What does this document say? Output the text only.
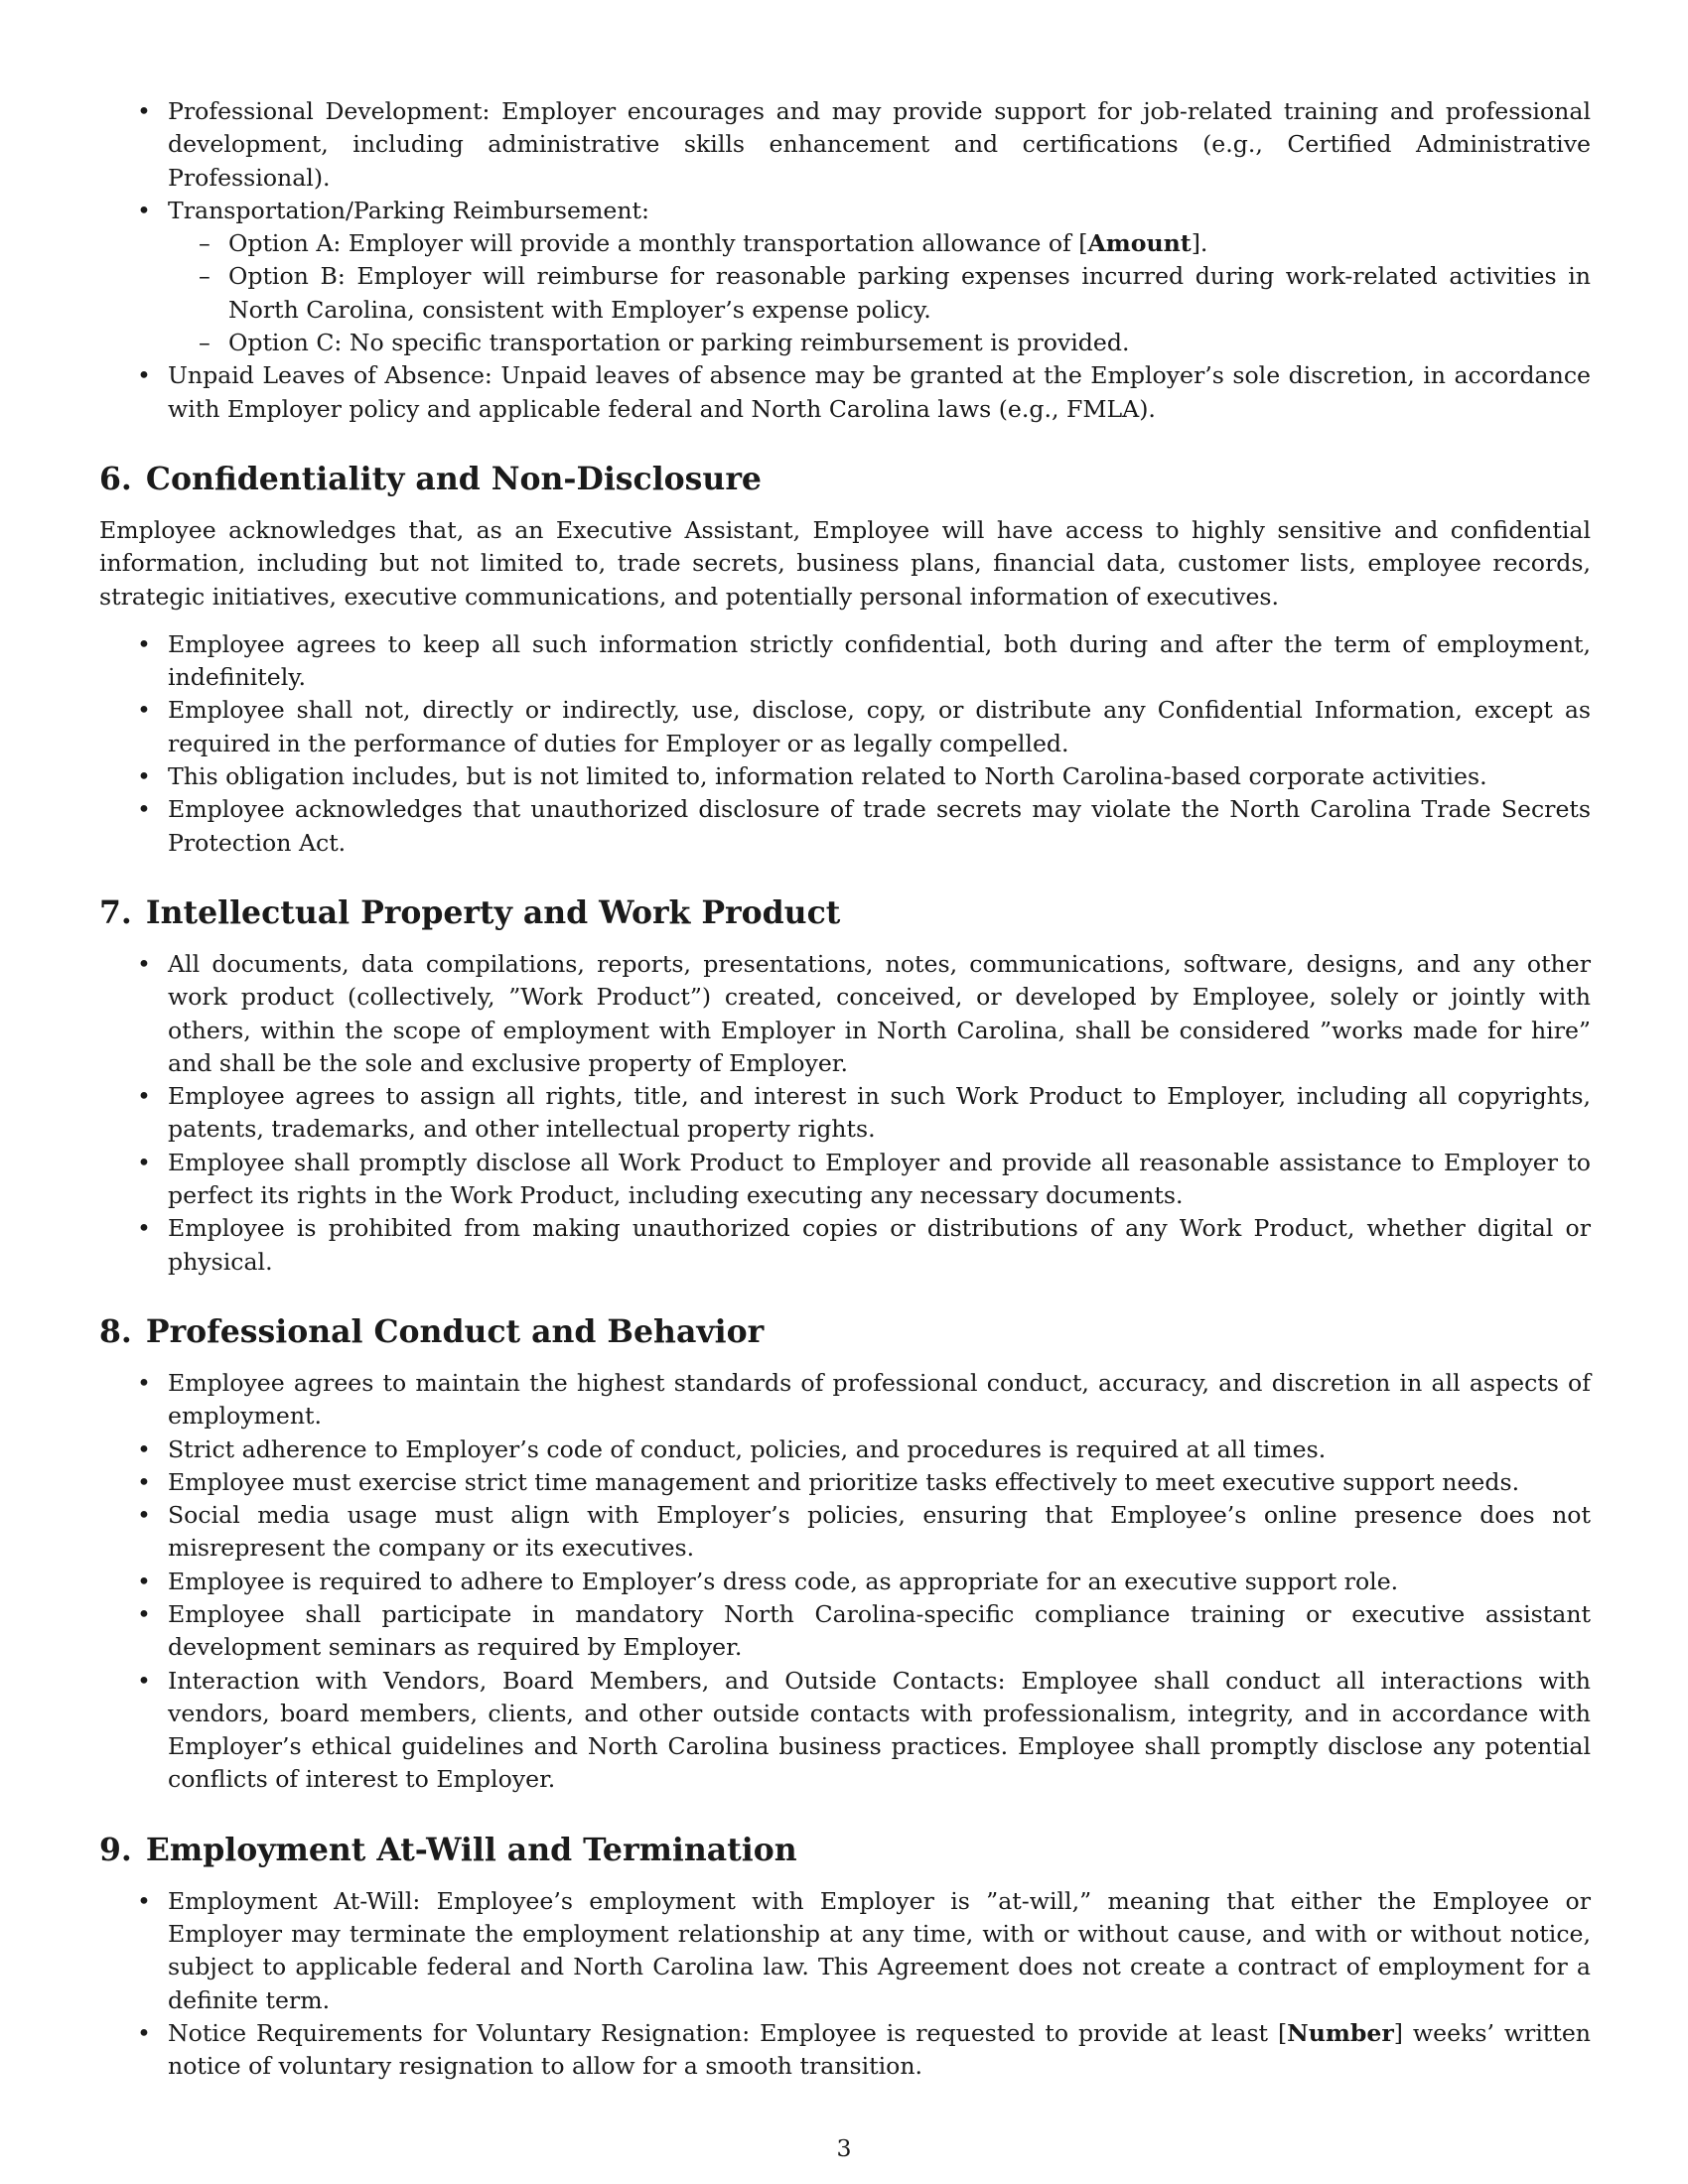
• Professional Development: Employer encourages and may provide support for job-related training and professional development, including administrative skills enhancement and certifications (e.g., Certified Administrative Professional).
• Transportation/Parking Reimbursement:
– Option A: Employer will provide a monthly transportation allowance of [Amount].
– Option B: Employer will reimburse for reasonable parking expenses incurred during work-related activities in North Carolina, consistent with Employer’s expense policy.
– Option C: No specific transportation or parking reimbursement is provided.
• Unpaid Leaves of Absence: Unpaid leaves of absence may be granted at the Employer’s sole discretion, in accordance with Employer policy and applicable federal and North Carolina laws (e.g., FMLA).
6. Confidentiality and Non-Disclosure

Employee acknowledges that, as an Executive Assistant, Employee will have access to highly sensitive and confidential information, including but not limited to, trade secrets, business plans, financial data, customer lists, employee records, strategic initiatives, executive communications, and potentially personal information of executives.

• Employee agrees to keep all such information strictly confidential, both during and after the term of employment, indefinitely.
• Employee shall not, directly or indirectly, use, disclose, copy, or distribute any Confidential Information, except as required in the performance of duties for Employer or as legally compelled.
• This obligation includes, but is not limited to, information related to North Carolina-based corporate activities.
• Employee acknowledges that unauthorized disclosure of trade secrets may violate the North Carolina Trade Secrets Protection Act.
7. Intellectual Property and Work Product
• All documents, data compilations, reports, presentations, notes, communications, software, designs, and any other work product (collectively, ”Work Product”) created, conceived, or developed by Employee, solely or jointly with others, within the scope of employment with Employer in North Carolina, shall be considered ”works made for hire” and shall be the sole and exclusive property of Employer.
• Employee agrees to assign all rights, title, and interest in such Work Product to Employer, including all copyrights, patents, trademarks, and other intellectual property rights.
• Employee shall promptly disclose all Work Product to Employer and provide all reasonable assistance to Employer to perfect its rights in the Work Product, including executing any necessary documents.
• Employee is prohibited from making unauthorized copies or distributions of any Work Product, whether digital or physical.
8. Professional Conduct and Behavior
• Employee agrees to maintain the highest standards of professional conduct, accuracy, and discretion in all aspects of employment.
• Strict adherence to Employer’s code of conduct, policies, and procedures is required at all times.
• Employee must exercise strict time management and prioritize tasks effectively to meet executive support needs.
• Social media usage must align with Employer’s policies, ensuring that Employee’s online presence does not misrepresent the company or its executives.
• Employee is required to adhere to Employer’s dress code, as appropriate for an executive support role.
• Employee shall participate in mandatory North Carolina-specific compliance training or executive assistant development seminars as required by Employer.
• Interaction with Vendors, Board Members, and Outside Contacts: Employee shall conduct all interactions with vendors, board members, clients, and other outside contacts with professionalism, integrity, and in accordance with Employer’s ethical guidelines and North Carolina business practices. Employee shall promptly disclose any potential conflicts of interest to Employer.
9. Employment At-Will and Termination
• Employment At-Will: Employee’s employment with Employer is ”at-will,” meaning that either the Employee or Employer may terminate the employment relationship at any time, with or without cause, and with or without notice, subject to applicable federal and North Carolina law. This Agreement does not create a contract of employment for a definite term.
• Notice Requirements for Voluntary Resignation: Employee is requested to provide at least [Number] weeks’ written notice of voluntary resignation to allow for a smooth transition.
3
